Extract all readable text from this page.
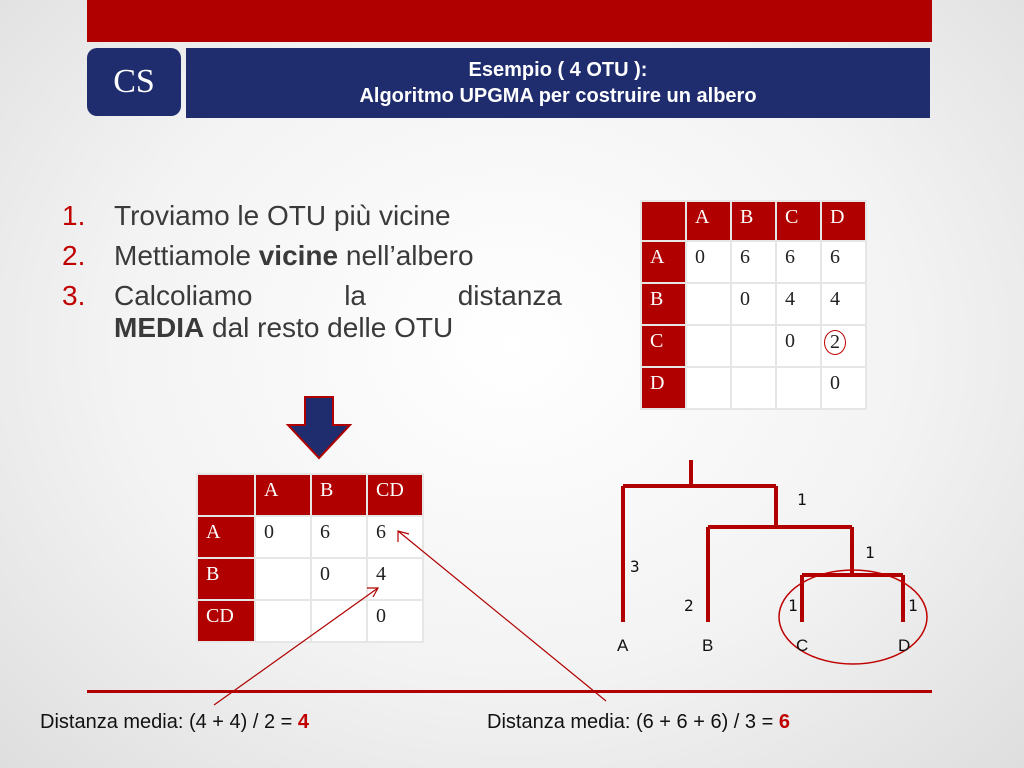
CS	Esempio ( 4 OTU ):
Algoritmo UPGMA per costruire un albero
1.	Troviamo le OTU più vicine
2.	Mettiamole vicine nell’albero
3.	Calcoliamo la distanza
MEDIA dal resto delle OTU
	A	B	C	D
A	0	6	6	6
B		0	4	4
C			0	2
D				0
	A	B	CD
A	0	6	6
B		0	4
CD			0
1
1
3
2	1	1
A	B	C	D
Distanza media: (4 + 4) / 2 = 4	Distanza media: (6 + 6 + 6) / 3 = 6
